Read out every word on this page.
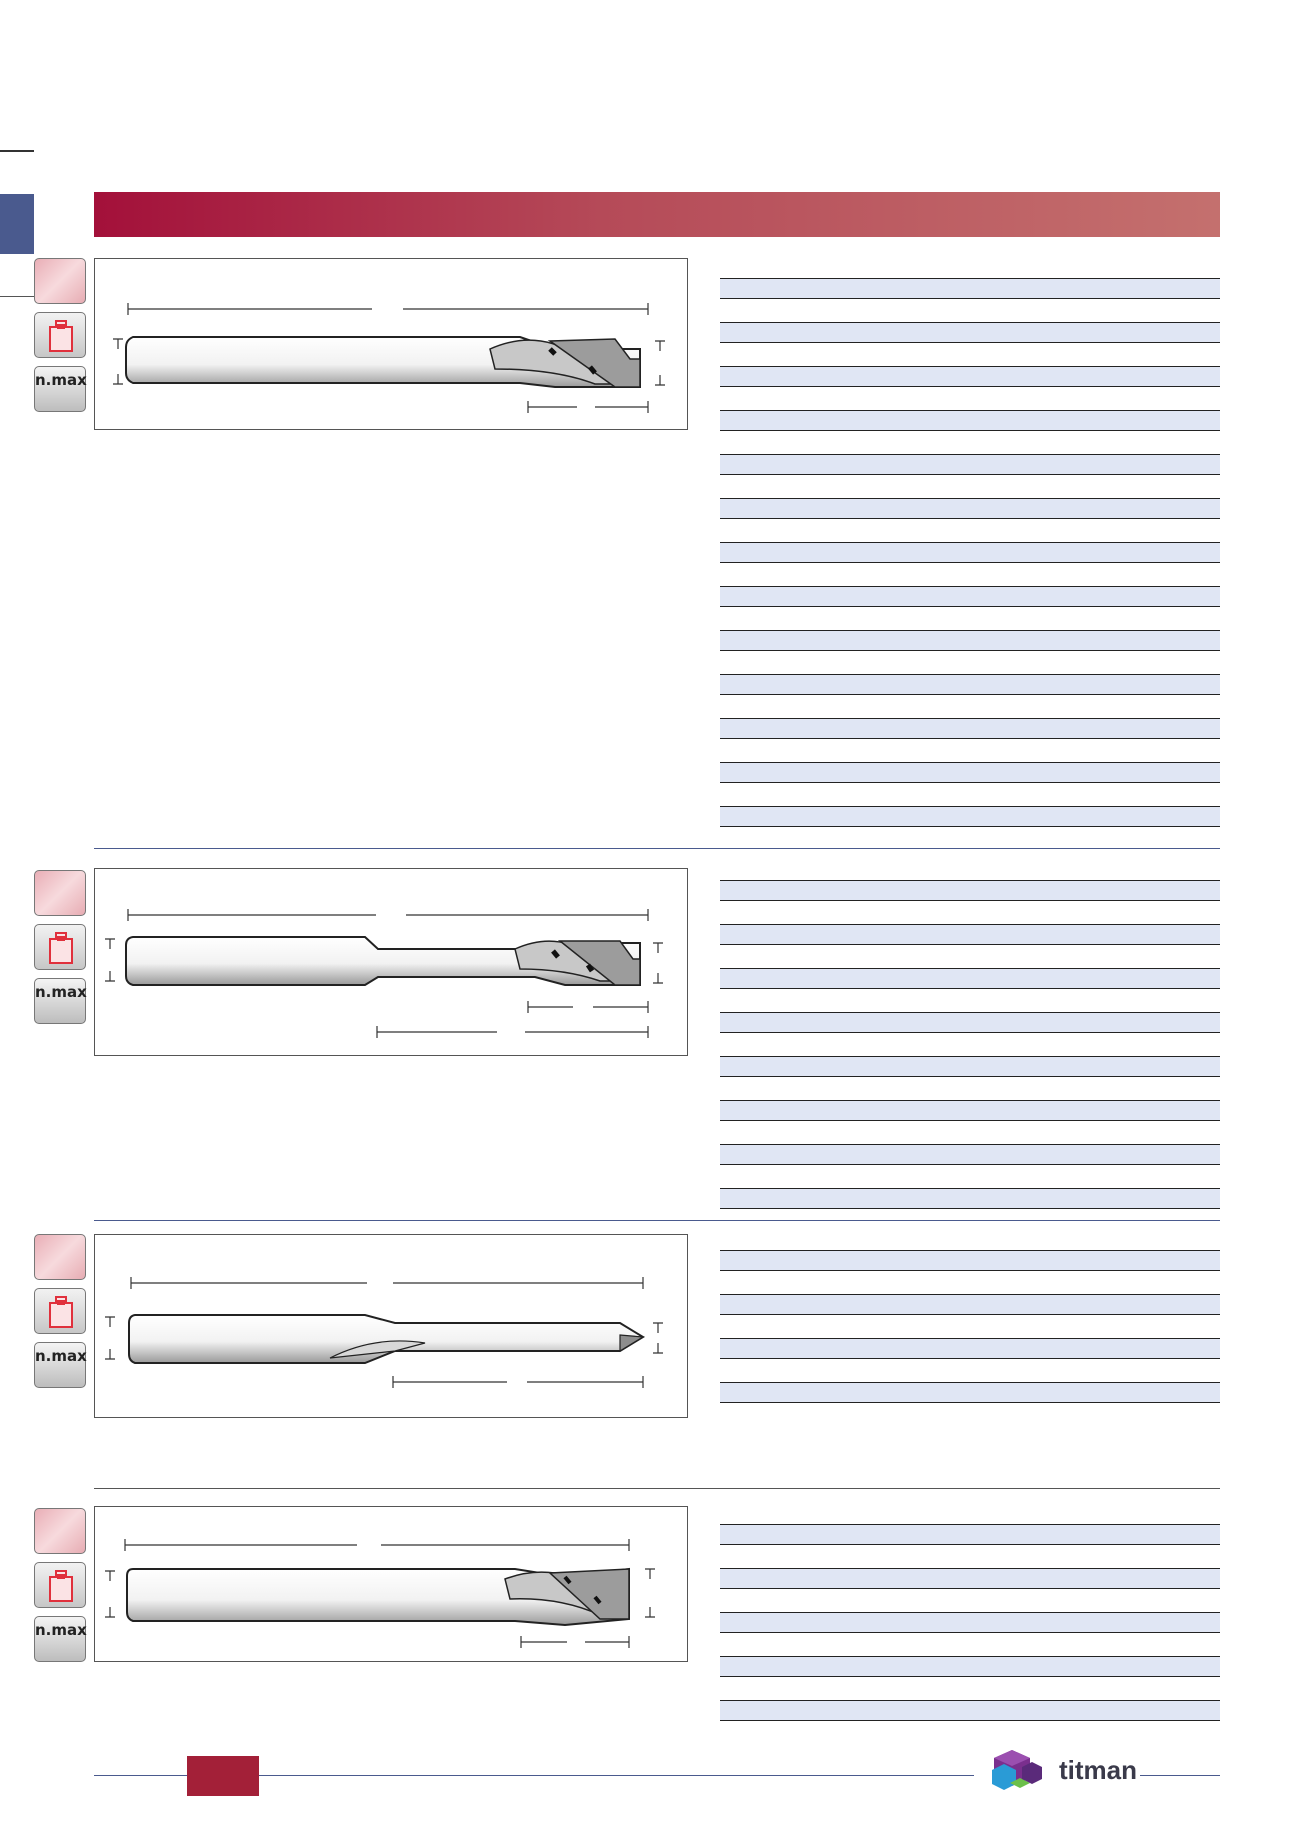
n.max
n.max
n.max
n.max
titman
